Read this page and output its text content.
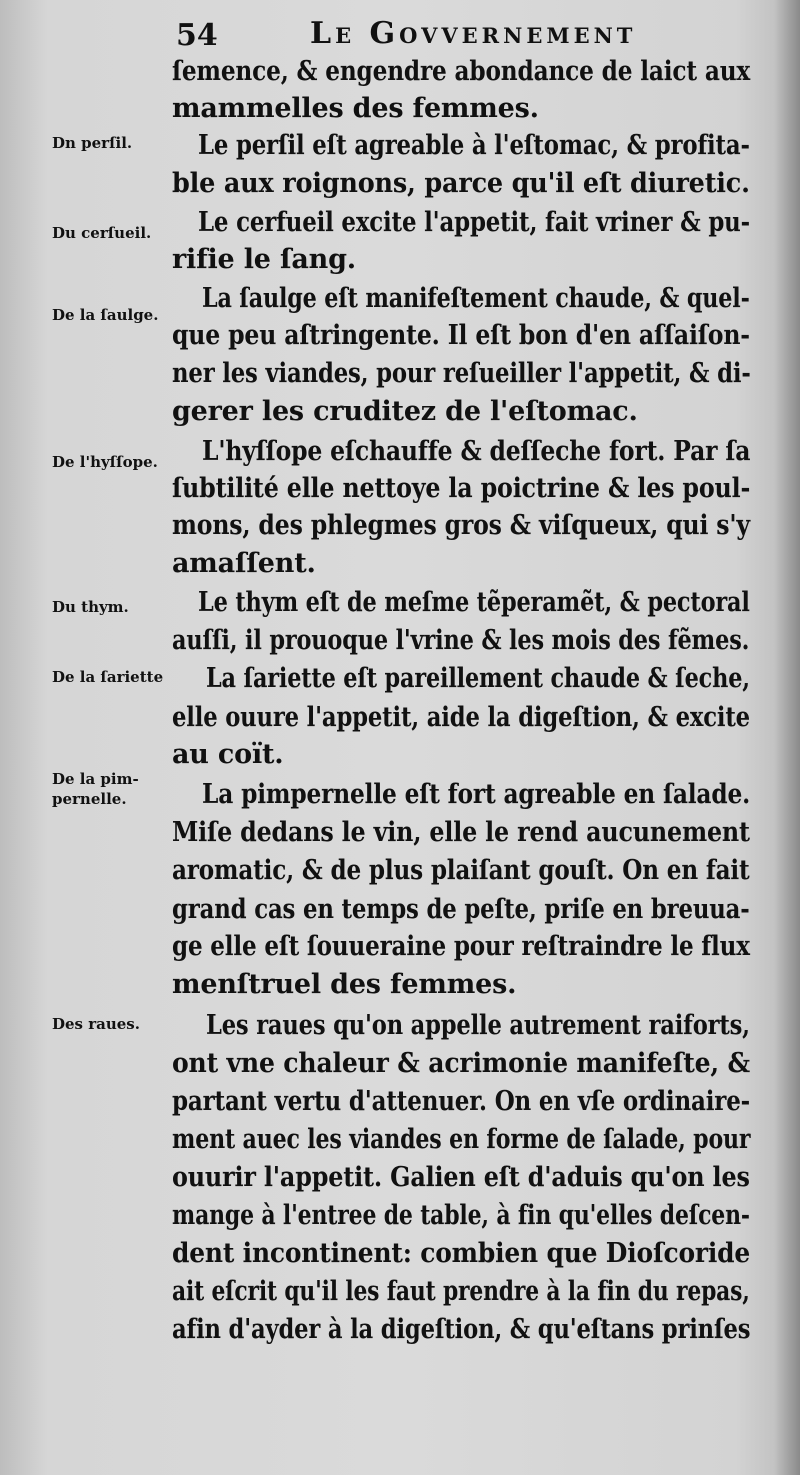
54	Le Govvernement
Dn perſil.
Du cerſueil.
De la ſaulge.
De l'hyſſope.
Du thym.
De la ſariette
De la pim-
pernelle.
Des raues.
ſemence, & engendre abondance de laict aux
mammelles des femmes.
Le perſil eſt agreable à l'eſtomac, & profita-
ble aux roignons, parce qu'il eſt diuretic.
Le cerfueil excite l'appetit, fait vriner & pu-
rifie le ſang.
La ſaulge eſt manifeſtement chaude, & quel-
que peu aſtringente. Il eſt bon d'en aſſaiſon-
ner les viandes, pour reſueiller l'appetit, & di-
gerer les cruditez de l'eſtomac.
L'hyſſope eſchauffe & deſſeche fort. Par ſa
ſubtilité elle nettoye la poictrine & les poul-
mons, des phlegmes gros & viſqueux, qui s'y
amaſſent.
Le thym eſt de meſme tẽperamẽt, & pectoral
auſſi, il prouoque l'vrine & les mois des fẽmes.
La ſariette eſt pareillement chaude & ſeche,
elle ouure l'appetit, aide la digeſtion, & excite
au coït.
La pimpernelle eſt fort agreable en ſalade.
Miſe dedans le vin, elle le rend aucunement
aromatic, & de plus plaiſant gouſt. On en fait
grand cas en temps de peſte, priſe en breuua-
ge elle eſt ſouueraine pour reſtraindre le flux
menſtruel des femmes.
Les raues qu'on appelle autrement raiforts,
ont vne chaleur & acrimonie manifeſte, &
partant vertu d'attenuer. On en vſe ordinaire-
ment auec les viandes en forme de ſalade, pour
ouurir l'appetit. Galien eſt d'aduis qu'on les
mange à l'entree de table, à fin qu'elles deſcen-
dent incontinent: combien que Dioſcoride
ait eſcrit qu'il les faut prendre à la fin du repas,
afin d'ayder à la digeſtion, & qu'eſtans prinſes
